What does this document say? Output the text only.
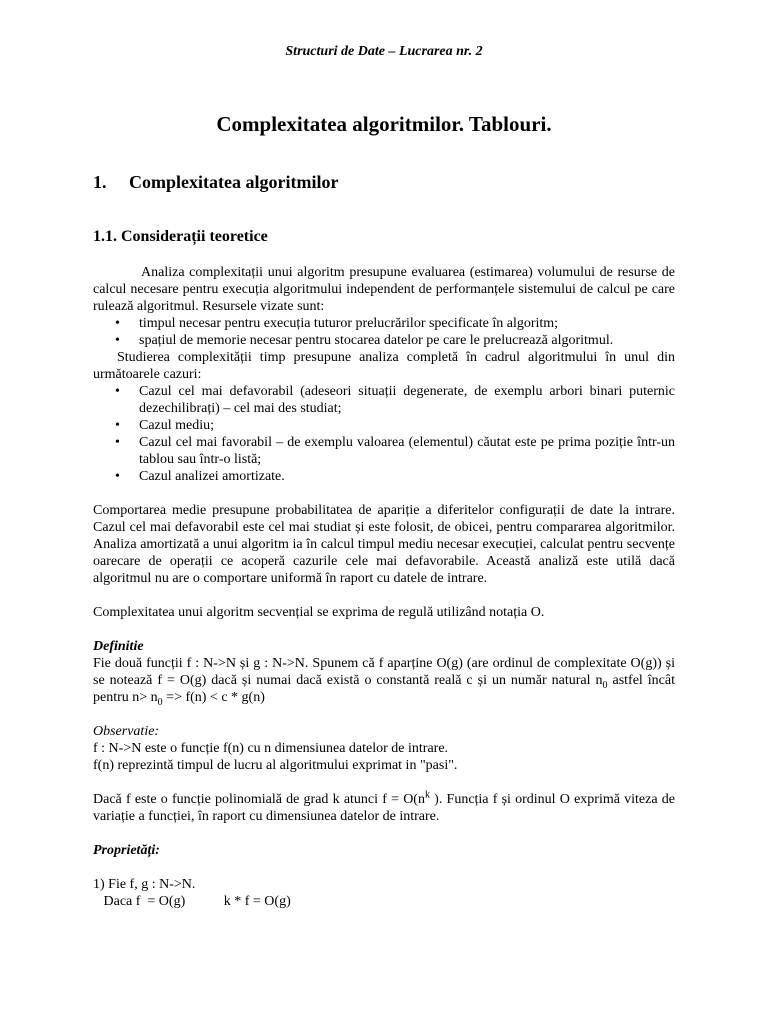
Structuri de Date – Lucrarea nr. 2
Complexitatea algoritmilor. Tablouri.
1. Complexitatea algoritmilor
1.1. Considerații teoretice

Analiza complexitații unui algoritm presupune evaluarea (estimarea) volumului de resurse de calcul necesare pentru execuția algoritmului independent de performanțele sistemului de calcul pe care rulează algoritmul. Resursele vizate sunt:

• timpul necesar pentru execuția tuturor prelucrărilor specificate în algoritm;
• spațiul de memorie necesar pentru stocarea datelor pe care le prelucrează algoritmul.

Studierea complexității timp presupune analiza completă în cadrul algoritmului în unul din următoarele cazuri:

• Cazul cel mai defavorabil (adeseori situații degenerate, de exemplu arbori binari puternic dezechilibrați) – cel mai des studiat;
• Cazul mediu;
• Cazul cel mai favorabil – de exemplu valoarea (elementul) căutat este pe prima poziție într-un tablou sau într-o listă;
• Cazul analizei amortizate.

Comportarea medie presupune probabilitatea de apariție a diferitelor configurații de date la intrare. Cazul cel mai defavorabil este cel mai studiat și este folosit, de obicei, pentru compararea algoritmilor. Analiza amortizată a unui algoritm ia în calcul timpul mediu necesar execuției, calculat pentru secvențe oarecare de operații ce acoperă cazurile cele mai defavorabile. Această analiză este utilă dacă algoritmul nu are o comportare uniformă în raport cu datele de intrare.

Complexitatea unui algoritm secvențial se exprima de regulă utilizând notația O.

Definitie

Fie două funcții f : N->N și g : N->N. Spunem că f aparține O(g) (are ordinul de complexitate O(g)) și se notează f = O(g) dacă și numai dacă există o constantă reală c și un număr natural $n_0$ astfel încât pentru $n> n_0 => f(n) < c * g(n)$

Observatie:

f : N->N este o funcție f(n) cu n dimensiunea datelor de intrare.

f(n) reprezintă timpul de lucru al algoritmului exprimat in "pasi".

Dacă f este o funcție polinomială de grad k atunci $f = O(n^k$ ). Funcția f și ordinul O exprimă viteza de variație a funcției, în raport cu dimensiunea datelor de intrare.

Proprietăți:

1) Fie f, g : N->N.

Daca f  = O(g)           k * f = O(g)
